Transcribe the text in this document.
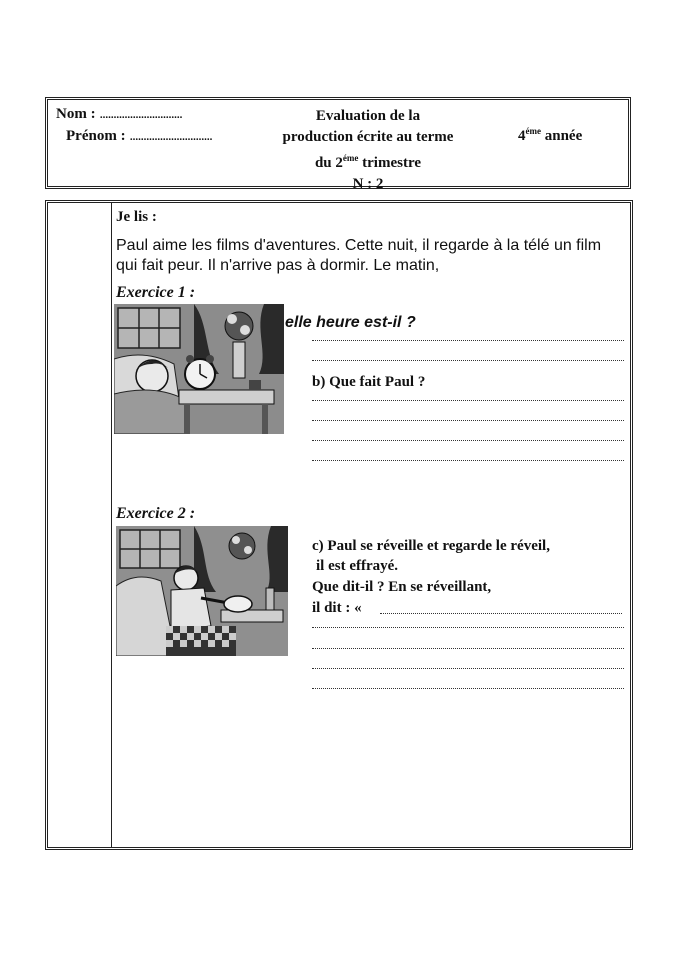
Nom : ..............................
Prénom : ..............................
Evaluation de la
production écrite au terme
du $2^{éme}$ trimestre
N : 2
$4^{éme}$ année
Je lis :
Paul aime les films d'aventures. Cette nuit, il regarde à la télé un film qui fait peur. Il n'arrive pas à dormir. Le matin,
Exercice 1 :
elle heure est-il ?
b) Que fait Paul ?
Exercice 2 :
c) Paul se réveille et regarde le réveil,
il est effrayé.
Que dit-il ? En se réveillant,
il dit : «
